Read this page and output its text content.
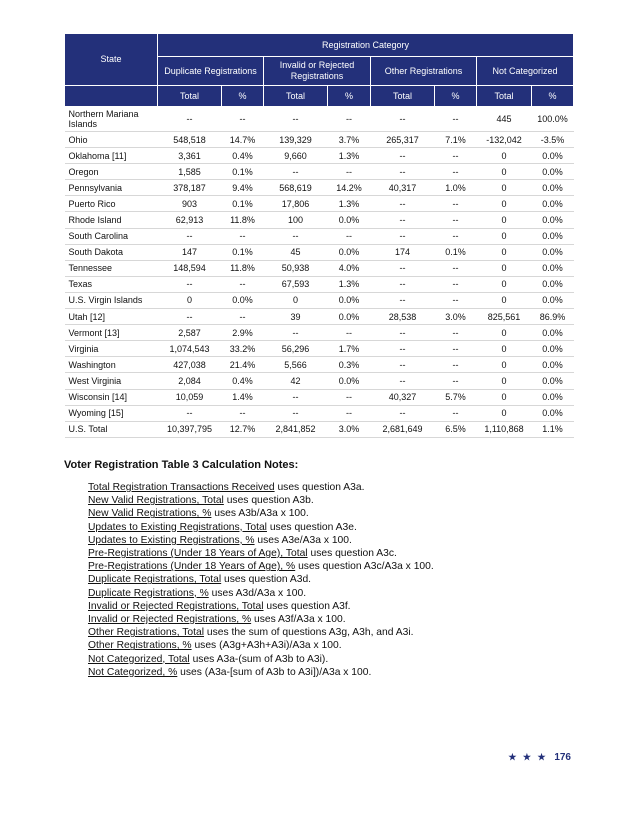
State	Registration Category							
	Duplicate Registrations		Invalid or Rejected Registrations		Other Registrations		Not Categorized	
	Total	%	Total	%	Total	%	Total	%
Northern Mariana Islands	--	--	--	--	--	--	445	100.0%
Ohio	548,518	14.7%	139,329	3.7%	265,317	7.1%	-132,042	-3.5%
Oklahoma [11]	3,361	0.4%	9,660	1.3%	--	--	0	0.0%
Oregon	1,585	0.1%	--	--	--	--	0	0.0%
Pennsylvania	378,187	9.4%	568,619	14.2%	40,317	1.0%	0	0.0%
Puerto Rico	903	0.1%	17,806	1.3%	--	--	0	0.0%
Rhode Island	62,913	11.8%	100	0.0%	--	--	0	0.0%
South Carolina	--	--	--	--	--	--	0	0.0%
South Dakota	147	0.1%	45	0.0%	174	0.1%	0	0.0%
Tennessee	148,594	11.8%	50,938	4.0%	--	--	0	0.0%
Texas	--	--	67,593	1.3%	--	--	0	0.0%
U.S. Virgin Islands	0	0.0%	0	0.0%	--	--	0	0.0%
Utah [12]	--	--	39	0.0%	28,538	3.0%	825,561	86.9%
Vermont [13]	2,587	2.9%	--	--	--	--	0	0.0%
Virginia	1,074,543	33.2%	56,296	1.7%	--	--	0	0.0%
Washington	427,038	21.4%	5,566	0.3%	--	--	0	0.0%
West Virginia	2,084	0.4%	42	0.0%	--	--	0	0.0%
Wisconsin [14]	10,059	1.4%	--	--	40,327	5.7%	0	0.0%
Wyoming [15]	--	--	--	--	--	--	0	0.0%
U.S. Total	10,397,795	12.7%	2,841,852	3.0%	2,681,649	6.5%	1,110,868	1.1%
Voter Registration Table 3 Calculation Notes:
Total Registration Transactions Received uses question A3a.
New Valid Registrations, Total uses question A3b.
New Valid Registrations, % uses A3b/A3a x 100.
Updates to Existing Registrations, Total uses question A3e.
Updates to Existing Registrations, % uses A3e/A3a x 100.
Pre-Registrations (Under 18 Years of Age), Total uses question A3c.
Pre-Registrations (Under 18 Years of Age), % uses question A3c/A3a x 100.
Duplicate Registrations, Total uses question A3d.
Duplicate Registrations, % uses A3d/A3a x 100.
Invalid or Rejected Registrations, Total uses question A3f.
Invalid or Rejected Registrations, % uses A3f/A3a x 100.
Other Registrations, Total uses the sum of questions A3g, A3h, and A3i.
Other Registrations, % uses (A3g+A3h+A3i)/A3a x 100.
Not Categorized, Total uses A3a-(sum of A3b to A3i).
Not Categorized, % uses (A3a-[sum of A3b to A3i])/A3a x 100.
★ ★ ★ 176
